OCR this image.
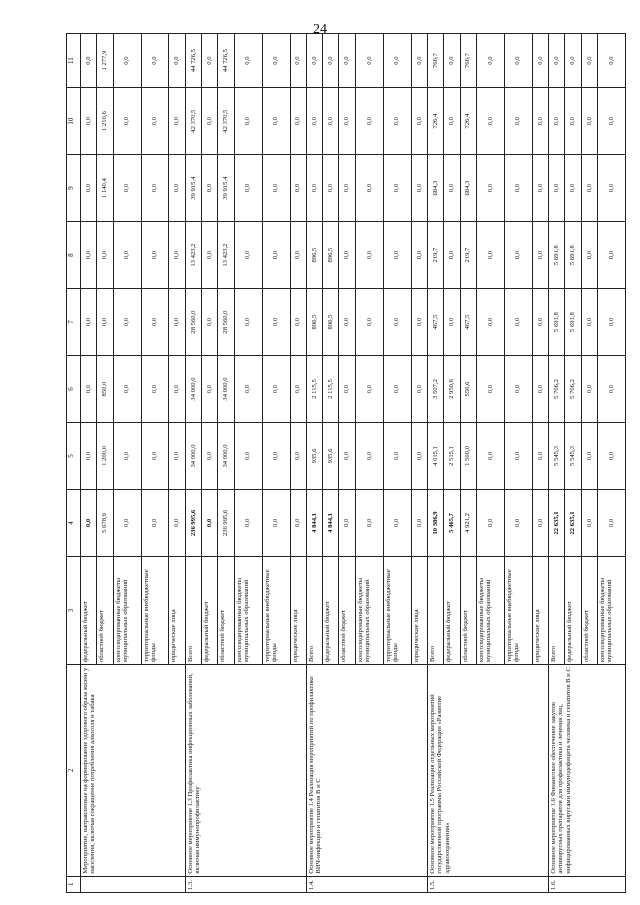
24
1	2	3	4	5	6	7	8	9	10	11
	Мероприятие, направленные на формирование здорового образа жизни у населения, включая сокращение потребления алкоголя и табака	федеральный бюджет	0,0	0,0	0,0	0,0	0,0	0,0	0,0	0,0
		областной бюджет	5 678,9	1 200,0	850,0	0,0	0,0	1 140,4	1 210,6	1 277,9
		консолидированные бюджеты муниципальных образований	0,0	0,0	0,0	0,0	0,0	0,0	0,0	0,0
		территориальные внебюджетные фонды	0,0	0,0	0,0	0,0	0,0	0,0	0,0	0,0
		юридические лица	0,0	0,0	0,0	0,0	0,0	0,0	0,0	0,0
1.3.	Основное мероприятие 1.3 Профилактика инфекционных заболеваний, включая иммунопрофилактику	Всего	236 995,6	34 000,0	34 000,0	28 560,0	13 423,2	39 915,4	42 370,5	44 726,5
		федеральный бюджет	0,0	0,0	0,0	0,0	0,0	0,0	0,0	0,0
		областной бюджет	236 995,6	34 000,0	34 000,0	28 560,0	13 423,2	39 915,4	42 370,5	44 726,5
		консолидированные бюджеты муниципальных образований	0,0	0,0	0,0	0,0	0,0	0,0	0,0	0,0
		территориальные внебюджетные фонды	0,0	0,0	0,0	0,0	0,0	0,0	0,0	0,0
		юридические лица	0,0	0,0	0,0	0,0	0,0	0,0	0,0	0,0
1.4.	Основное мероприятие 1.4 Реализация мероприятий по профилактике ВИЧ-инфекции и гепатитов В и С	Всего	4 844,1	935,6	2 115,5	896,5	896,5	0,0	0,0	0,0
		федеральный бюджет	4 844,1	935,6	2 115,5	896,5	896,5	0,0	0,0	0,0
		областной бюджет	0,0	0,0	0,0	0,0	0,0	0,0	0,0	0,0
		консолидированные бюджеты муниципальных образований	0,0	0,0	0,0	0,0	0,0	0,0	0,0	0,0
		территориальные внебюджетные фонды	0,0	0,0	0,0	0,0	0,0	0,0	0,0	0,0
		юридические лица	0,0	0,0	0,0	0,0	0,0	0,0	0,0	0,0
1.5.	Основное мероприятие 1.5 Реализация отдельных мероприятий государственной программы Российской Федерации «Развитие здравоохранения»	Всего	10 386,9	4 015,1	3 507,2	467,5	219,7	684,3	726,4	766,7
		федеральный бюджет	5 465,7	2 515,1	2 950,6	0,0	0,0	0,0	0,0	0,0
		областной бюджет	4 921,2	1 500,0	556,6	467,5	219,7	684,3	726,4	766,7
		консолидированные бюджеты муниципальных образований	0,0	0,0	0,0	0,0	0,0	0,0	0,0	0,0
		территориальные внебюджетные фонды	0,0	0,0	0,0	0,0	0,0	0,0	0,0	0,0
		юридические лица	0,0	0,0	0,0	0,0	0,0	0,0	0,0	0,0
1.6.	Основное мероприятие 1.6 Финансовое обеспечение закупок антивирусных препаратов для профилактики и лечения лиц, инфицированных вирусами иммунодефицита человека и гепатитов В и С	Всего	22 635,1	5 545,3	5 706,2	5 691,8	5 691,8	0,0	0,0	0,0
		федеральный бюджет	22 635,1	5 545,3	5 706,2	5 691,8	5 691,8	0,0	0,0	0,0
		областной бюджет	0,0	0,0	0,0	0,0	0,0	0,0	0,0	0,0
		консолидированные бюджеты муниципальных образований	0,0	0,0	0,0	0,0	0,0	0,0	0,0	0,0
